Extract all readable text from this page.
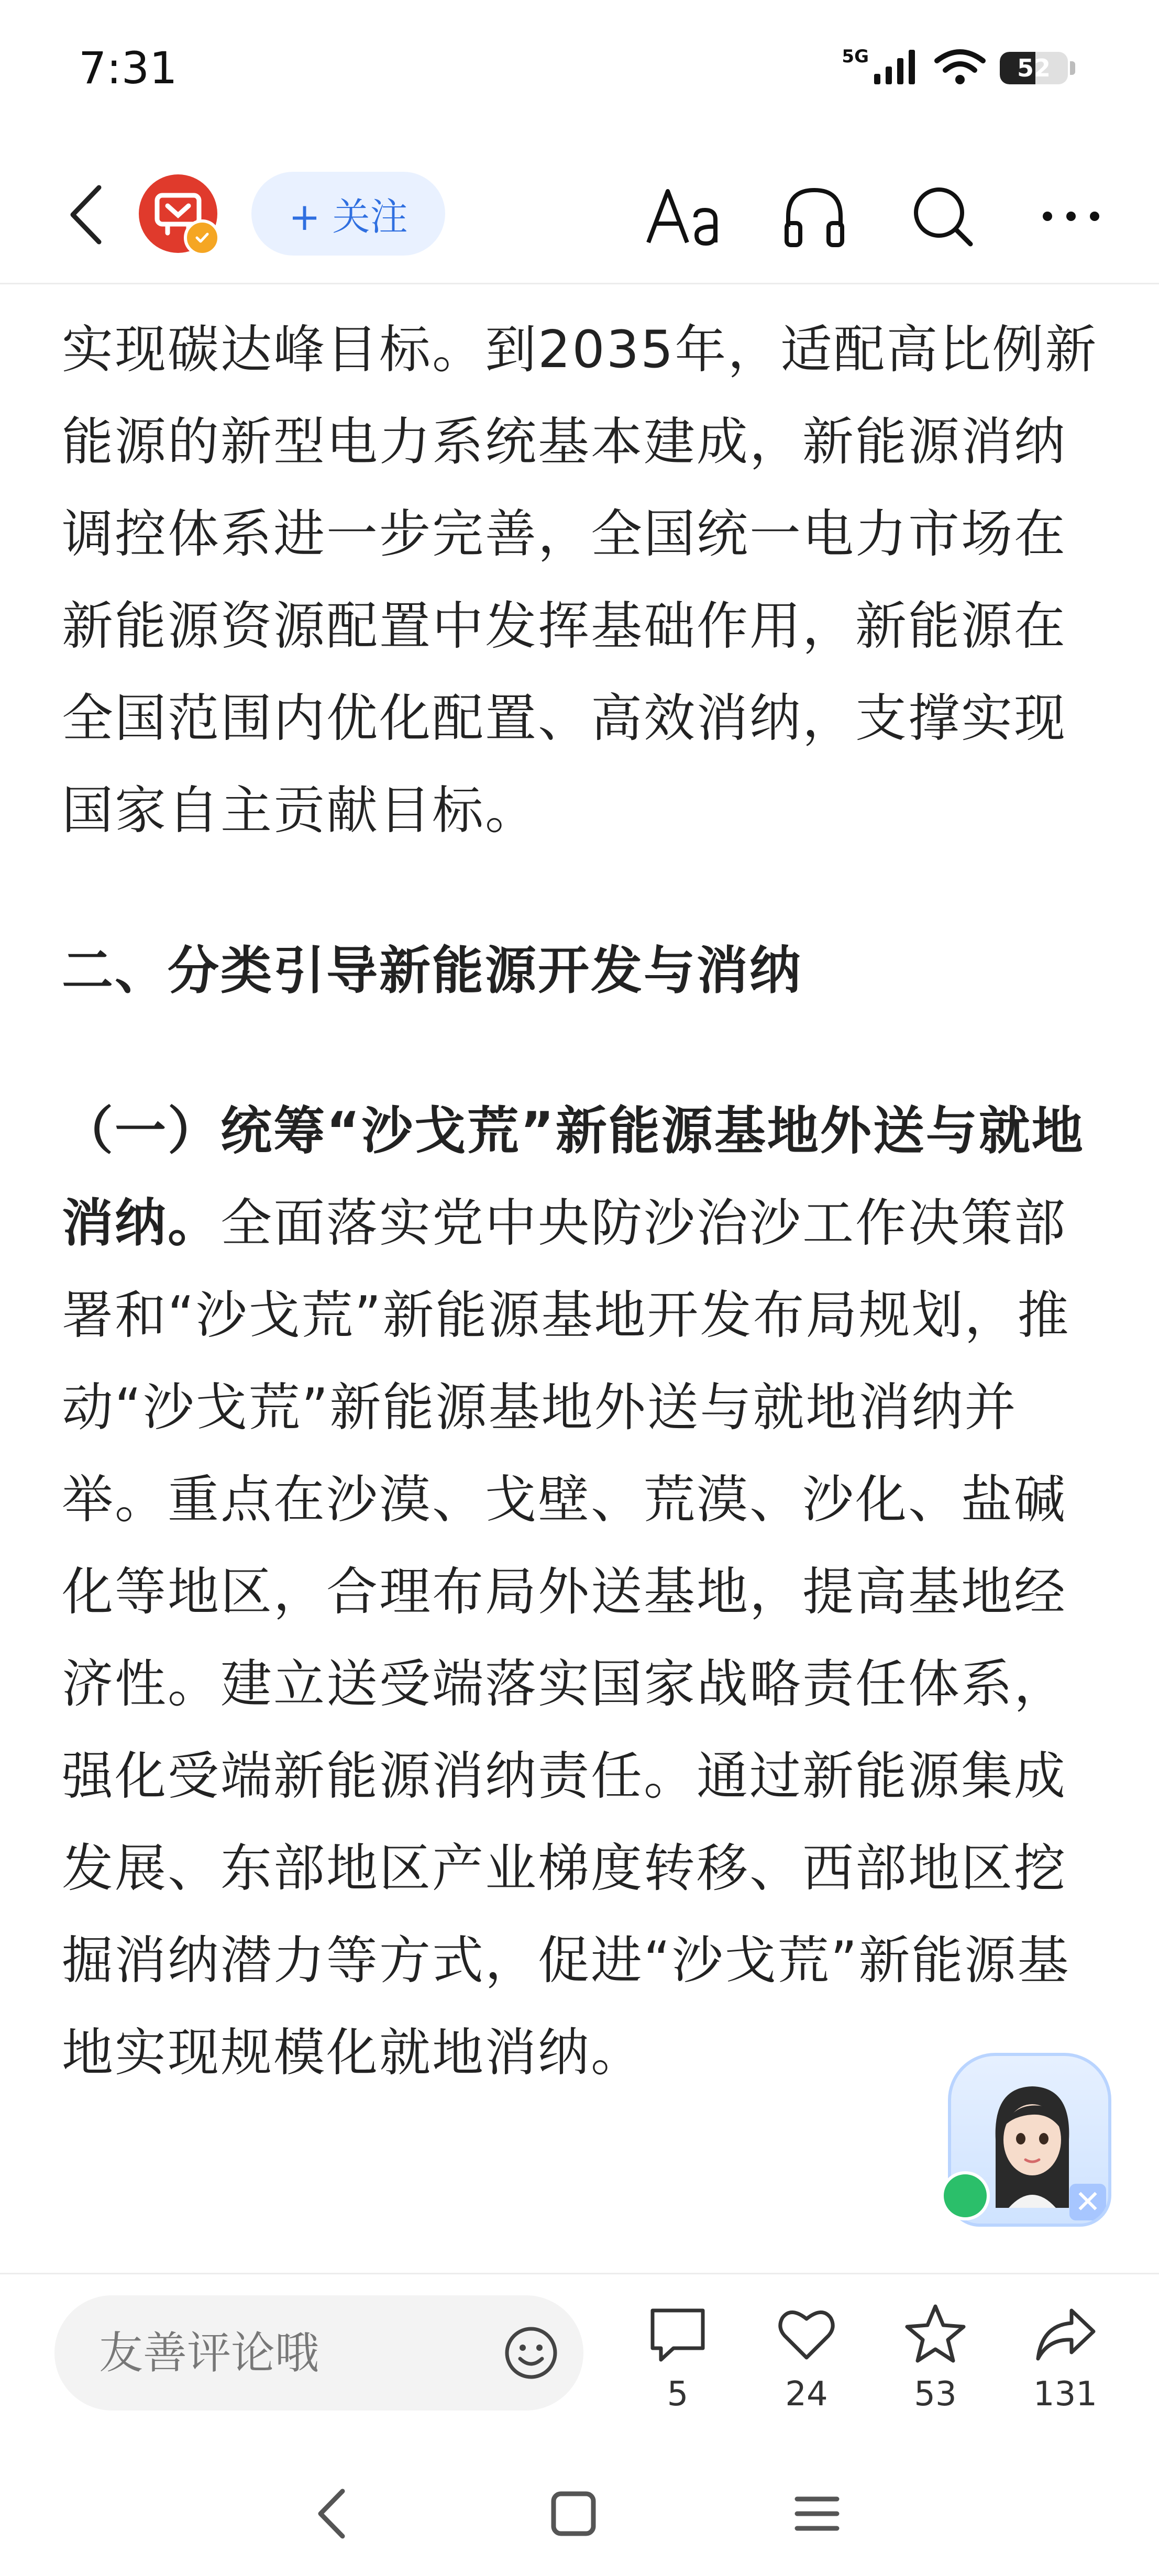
7:31	5G	52
+ 关注

实现碳达峰目标。到2035年，适配高比例新能源的新型电力系统基本建成，新能源消纳调控体系进一步完善，全国统一电力市场在新能源资源配置中发挥基础作用，新能源在全国范围内优化配置、高效消纳，支撑实现国家自主贡献目标。

二、分类引导新能源开发与消纳

（一）统筹“沙戈荒”新能源基地外送与就地消纳。全面落实党中央防沙治沙工作决策部署和“沙戈荒”新能源基地开发布局规划，推动“沙戈荒”新能源基地外送与就地消纳并举。重点在沙漠、戈壁、荒漠、沙化、盐碱化等地区，合理布局外送基地，提高基地经济性。建立送受端落实国家战略责任体系，强化受端新能源消纳责任。通过新能源集成发展、东部地区产业梯度转移、西部地区挖掘消纳潜力等方式，促进“沙戈荒”新能源基地实现规模化就地消纳。

✕
友善评论哦
5	24	53 131
